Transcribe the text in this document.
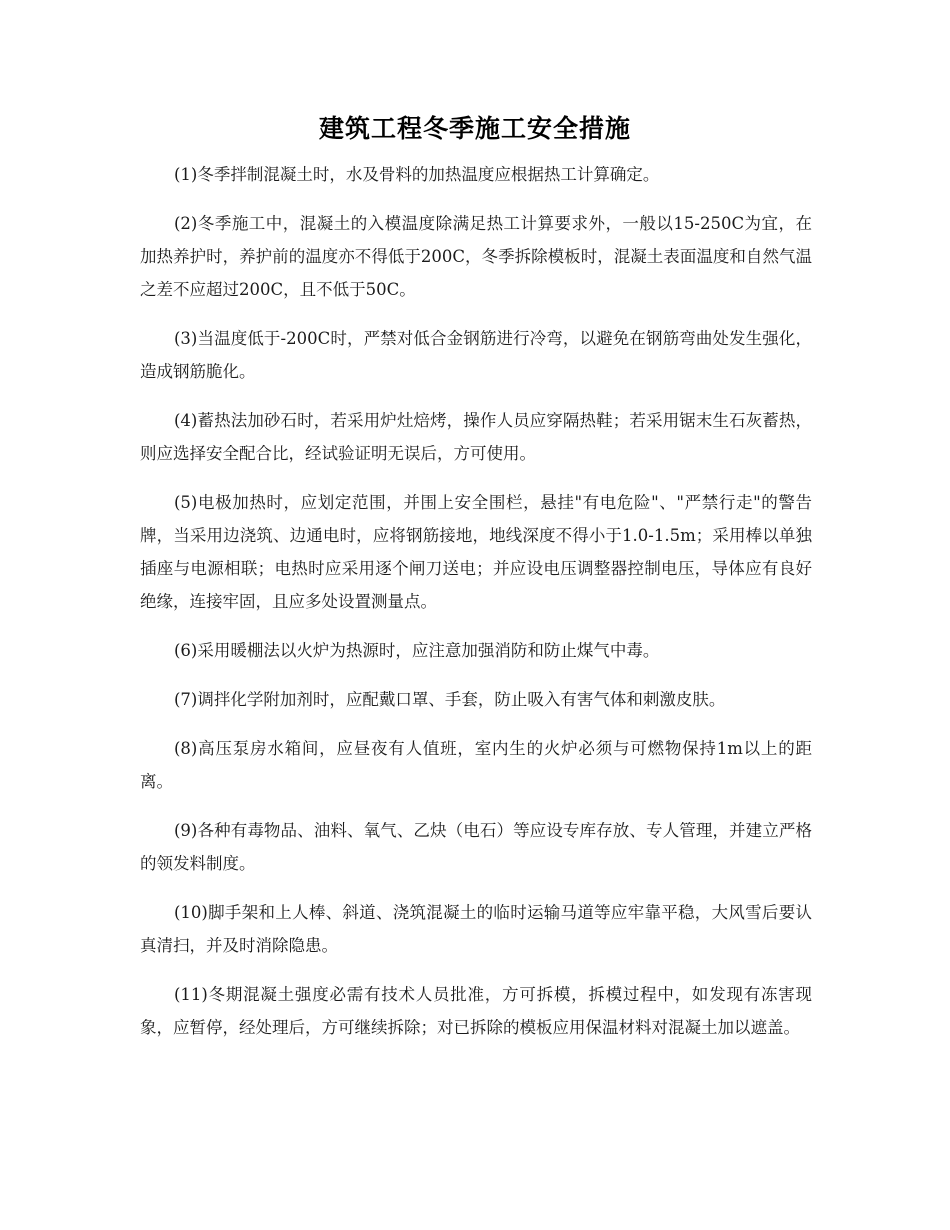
建筑工程冬季施工安全措施

(1)冬季拌制混凝土时，水及骨料的加热温度应根据热工计算确定。

(2)冬季施工中，混凝土的入模温度除满足热工计算要求外，一般以15-250C为宜，在加热养护时，养护前的温度亦不得低于200C，冬季拆除模板时，混凝土表面温度和自然气温之差不应超过200C，且不低于50C。

(3)当温度低于-200C时，严禁对低合金钢筋进行冷弯，以避免在钢筋弯曲处发生强化，造成钢筋脆化。

(4)蓄热法加砂石时，若采用炉灶焙烤，操作人员应穿隔热鞋；若采用锯末生石灰蓄热，则应选择安全配合比，经试验证明无误后，方可使用。

(5)电极加热时，应划定范围，并围上安全围栏，悬挂"有电危险"、"严禁行走"的警告牌，当采用边浇筑、边通电时，应将钢筋接地，地线深度不得小于1.0-1.5m；采用棒以单独插座与电源相联；电热时应采用逐个闸刀送电；并应设电压调整器控制电压，导体应有良好绝缘，连接牢固，且应多处设置测量点。

(6)采用暖棚法以火炉为热源时，应注意加强消防和防止煤气中毒。

(7)调拌化学附加剂时，应配戴口罩、手套，防止吸入有害气体和刺激皮肤。

(8)高压泵房水箱间，应昼夜有人值班，室内生的火炉必须与可燃物保持1m以上的距离。

(9)各种有毒物品、油料、氧气、乙炔（电石）等应设专库存放、专人管理，并建立严格的领发料制度。

(10)脚手架和上人棒、斜道、浇筑混凝土的临时运输马道等应牢靠平稳，大风雪后要认真清扫，并及时消除隐患。

(11)冬期混凝土强度必需有技术人员批准，方可拆模，拆模过程中，如发现有冻害现象，应暂停，经处理后，方可继续拆除；对已拆除的模板应用保温材料对混凝土加以遮盖。
